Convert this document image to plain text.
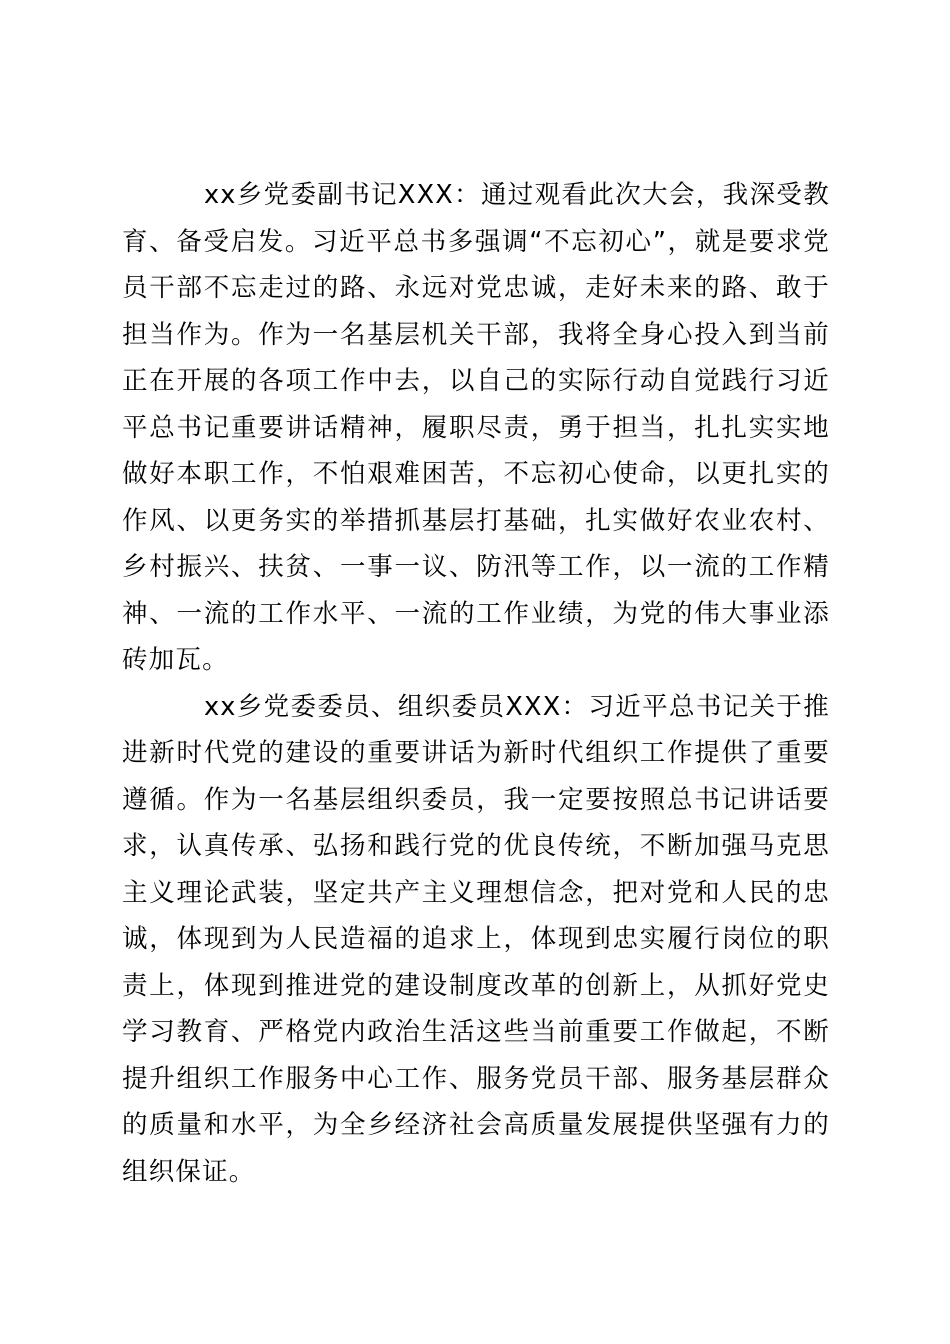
xx乡党委副书记XXX：通过观看此次大会，我深受教育、备受启发。习近平总书多强调“不忘初心”，就是要求党员干部不忘走过的路、永远对党忠诚，走好未来的路、敢于担当作为。作为一名基层机关干部，我将全身心投入到当前正在开展的各项工作中去，以自己的实际行动自觉践行习近平总书记重要讲话精神，履职尽责，勇于担当，扎扎实实地做好本职工作，不怕艰难困苦，不忘初心使命，以更扎实的作风、以更务实的举措抓基层打基础，扎实做好农业农村、乡村振兴、扶贫、一事一议、防汛等工作，以一流的工作精神、一流的工作水平、一流的工作业绩，为党的伟大事业添砖加瓦。

xx乡党委委员、组织委员XXX：习近平总书记关于推进新时代党的建设的重要讲话为新时代组织工作提供了重要遵循。作为一名基层组织委员，我一定要按照总书记讲话要求，认真传承、弘扬和践行党的优良传统，不断加强马克思主义理论武装，坚定共产主义理想信念，把对党和人民的忠诚，体现到为人民造福的追求上，体现到忠实履行岗位的职责上，体现到推进党的建设制度改革的创新上，从抓好党史学习教育、严格党内政治生活这些当前重要工作做起，不断提升组织工作服务中心工作、服务党员干部、服务基层群众的质量和水平，为全乡经济社会高质量发展提供坚强有力的组织保证。
